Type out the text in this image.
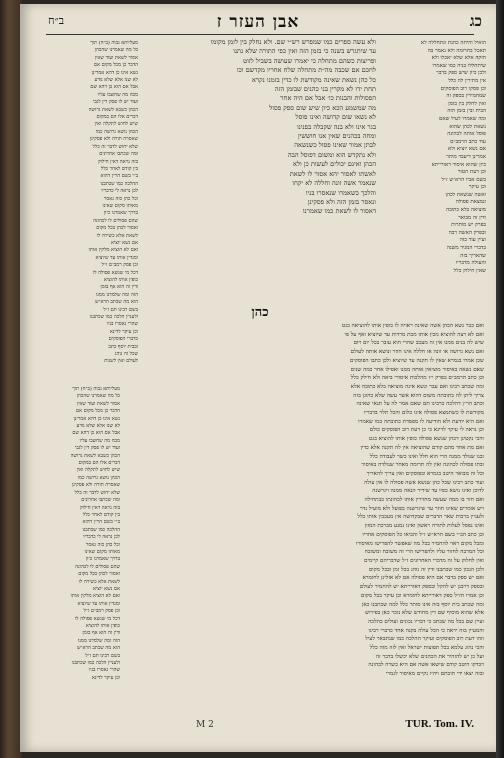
ב״ח	אבן העזר ז	כג
הואיל והיתה כהנת ונתחללה לא
תאכל בתרומה ולא נאמר בה
חזקה אלא שלא יאכלו ולא
שיתחללו בניה כמו שאמרו
ולכן כיון שיש ספק בדבר
אין מתירין לה כלל
וכן פסקו רוב הפוסקים
שמחמירין בספק זה
ואין לחלק בין בזמן
הבית ובין בזמן הזה
ומה שאמרו לעיל שאם
נשאת לכהן שהוא
פוסל אותה לכהונה
עוד כתב הרמב״ם
אם נשא יוציא ולא
אמרינן דיעבד מותר
כיון שהוא איסור דאורייתא
וכן דעת הטור
בשם אביו הרא״ש ז״ל
וכן עיקר
ואשה שנשאת לכהן
ונמצאת פסולה
מוציאה בלא כתובה
ודין זה מבואר
בפרק יש מותרות
ובפרק האשה רבה
ועיין עוד בזה
בדברי המגיד משנה
שהאריך בזה
והעולה מדבריו
שאין חילוק כלל
ולא עשה ספרים כמו שמפרש רש״י שם. ולא נחלק בין לזמן מקומו
עד שיתגרש בשנה כי בזמן הזה ואין כפי התורה שלא נתנו
ופריצות כשהם מתחלה כי יאמרו שעושה בשביל לזוט
לחכם אם שכבה מה״ת מתחלה שלח אחריו מקדשם וכו
כל כהן נשאת שאינה מקודשת לו כדין בזמנו נקרא
תחת ידו לא מקרין בני כהנים שבזמן הזה
הפסולות והבנות כו׳ אבל אם היה אחר
מה שמשמע הכא כיון שיש שום ספק פסול
לא נשאו שום קדושה ואינו פוסל
בגר אינו ולא בנה שקבלה בפנינו
ומחה בכהנים שאין אנו חוששין
לבתן אמור שאינו פסול כשנשאה
ולא נתקדש הוא ומשום דפוסל הבה
הכהן ואינם יכולים לעשות כן ולא
לאשתו לאסור יהא אסור לו לשאת
שנאמר אשה זונה וחללה לא יקחו
והלכך כשאמרו שנאסרו בניו
ונאסר בזמן הזה ולא פסקינן
דאסור לו לשאת כמו שאמרנו
כהן
מעליותא גבוה (ב״ח) תוך
כל מה שאמרנו שהכהן
אסור לשאת ועוד שאין
הדבר כן מכל מקום אם
נשא אינו כן דהא אמרינן
לא שנו אלא שלא נודע
אבל אם הוא כן דהא שם
מכה מה שחשבו עליו
ועוד יש לו פסק דין לגבי
הכהן כשבא לשאת גרושה
דברים אלו הם במקום
שיש לחוש לתקלה ואין
הכהן נושא גרושה כמו
שאסרה תורה ולא פסקינן
שלא יחוש לדבר זה כלל
ומה שכתבו אחרונים
בזה נראה דאין חילוק
בין קודם לאחר כלל
ב״י בשם הר״ן דהוא
ההלכה כמו שכתבנו
לכן נראה לי כדבריו
וכל כהן כזה נאסר
מאותו מקום שאינו
בדרך שאמרנו כיון
שהם פסולים לו לכהונה
ואסור לכהן בכל מקום
לשאת אלא כשירה לו
אם נשא יוציא
ואם לא הוציא מלקין אותו
ומנדין אותו עד שיוציא
וכן פסק רמב״ם ז״ל
דכל מי שנשא פסולה לו
כופין אותו להוציא
ודין זה הוא אף בזמן
הזה ומה שלמדנו ממנו
הוא מה שכתב הרא״ש
בשם רבינו תם ז״ל
ולעניין הלכה כמו שכתבנו
שהרי נאסרו בניו
וכן עיקר לדינא
כדברי הפוסקים
ובבית יוסף כתב
שכל זה נוהג
לעולם ואין לשנות
ואם כבר נשא הכהן אשה שאינה ראויה לו כופין אותו להוציאה בגט
ואם לא רצה להוציא מכין אותו מכת מרדות עד שיוציא ואף על פי
שיש לה בנים ממנו אין זה מעכב שהרי הוא עובר בכל יום ויום
ואם נשא גרושה או זונה או חללה אינו חוזר ונושא אותה לעולם
שכן אמרו בגמרא שאין לו תקנה עד שיוציא ולכן כתבו הפוסקים
שאם נשאה באיסור מוציאין אותה ממנו ואפילו אחר כמה שנים
וכן כתב הרמב״ם בפרק י״ז מהלכות איסורי ביאה ולא חילק כלל
ומה שכתב רבינו ואם עבר ונשא אינה מוציאה בלא כתובה אלא
צריך ליתן לה כתובתה משום דהוא אשר עשה שלא כהוגן בזה
וכתב הר״ן דהלכה כרבינו תם שאם אמר לה על תנאי שאינה
מקודשת לו כשתמצא פסולה אינו כלום והכל תלוי בדבריו
ואם היא יודעת ולא הודיעה לו מפסדת כתובתה כמו שאמרו
וכן נראה לי עיקר לדינא כי כן דעת רוב הפוסקים כולם
והכי נקטינן דכהן שנשא פסולה כופין אותו להוציא בגט
ואם מת אחד מהם קודם שהוציאה אין לה תקנה אלא כדין
ובנו שנולד ממנה הרי הוא חלל ואינו כשר לעבודה כלל
ובתו פסולה לכהונה ואין לה תרומה מאחר שנולדה באיסור
וכל זה מבואר היטב בגמרא ובפוסקים ואין צריך להאריך
ועוד כתב רבינו שכל כהן שנשא אשה פסולה לו אין עולה
לדוכן ואינו נושא כפיו עד שידיר הנאה ממנה ויגרשנה
ואם חזר בו ממה שעשה מחזירין אותו לכהונתו כבתחילה
ויש אומרים שאינו חוזר עד שיגרשנה בפועל ולא מועיל נדר
ולעניין ברכות שאר הדברים שבקדושה אין מעכבין אותו כלל
ואינו נפסל לעלות לתורה ראשון ואינו נמנע מברכת המזון
וכן כתב הב״י בשם הרא״ש ז״ל והביאו כל הפוסקים אחריו
ומכל מקום ראוי להחמיר בכל מה שאפשר להפרישו מאיסורו
וכל המרבה לחזור עליו ולהפרישו הרי זה משובח ומשובח
ואין לחלוק על זה מדברי האחרונים ז״ל שדבריהם קיימים
ולכן הנכון כמו שכתבנו ודין זה נוהג בכל זמן ובכל מקום
ואם יש ספק בדבר אם היא פסולה אם לא אזלינן לחומרא
ובספק דרבנן יש להקל ובספק דאורייתא יש להחמיר לעולם
וכן אמרו חז״ל ספק דאורייתא לחומרא וכן עיקר בכל מקום
ומה שכתב בית יוסף בזה אינו סותר כלל למה שכתבנו כאן
אלא שהוא מוסיף שם דין מחודש שלא נזכר כאן בפירוש
ועיין שם בכל מה שכתב כי דבריו נכונים ועולים כהלכה
והמעיין בזה יראה כי הכל עולה בקנה אחד כדברי רבינו
וזהו דעת רוב הפוסקים ועיקר ההלכה כמו שנתבאר לעיל
והכי נהוג עלמא בכל תפוצות ישראל ואין לזוז מזה כלל
ועל כן יש להזהיר את הכהנים שלא יכשלו בדבר זה
ויבדקו היטב קודם שישאו אשה אם היא כשרה לכהונה
ובזה יצאו ידי חובתם ויהיו נקיים מאיסור לגמרי
מעליותא גבוה (ב״ח) תוך
כל מה שאמרנו שהכהן
אסור לשאת ועוד שאין
הדבר כן מכל מקום אם
נשא אינו כן דהא אמרינן
לא שנו אלא שלא נודע
אבל אם הוא כן דהא שם
מכה מה שחשבו עליו
ועוד יש לו פסק דין לגבי
הכהן כשבא לשאת גרושה
דברים אלו הם במקום
שיש לחוש לתקלה ואין
הכהן נושא גרושה כמו
שאסרה תורה ולא פסקינן
שלא יחוש לדבר זה כלל
ומה שכתבו אחרונים
בזה נראה דאין חילוק
בין קודם לאחר כלל
ב״י בשם הר״ן דהוא
ההלכה כמו שכתבנו
לכן נראה לי כדבריו
וכל כהן כזה נאסר
מאותו מקום שאינו
בדרך שאמרנו כיון
שהם פסולים לו לכהונה
ואסור לכהן בכל מקום
לשאת אלא כשירה לו
אם נשא יוציא
ואם לא הוציא מלקין אותו
ומנדין אותו עד שיוציא
וכן פסק רמב״ם ז״ל
דכל מי שנשא פסולה לו
כופין אותו להוציא
ודין זה הוא אף בזמן
הזה ומה שלמדנו ממנו
הוא מה שכתב הרא״ש
בשם רבינו תם ז״ל
ולעניין הלכה כמו שכתבנו
שהרי נאסרו בניו
וכן עיקר לדינא
M 2	TUR. Tom. IV.
